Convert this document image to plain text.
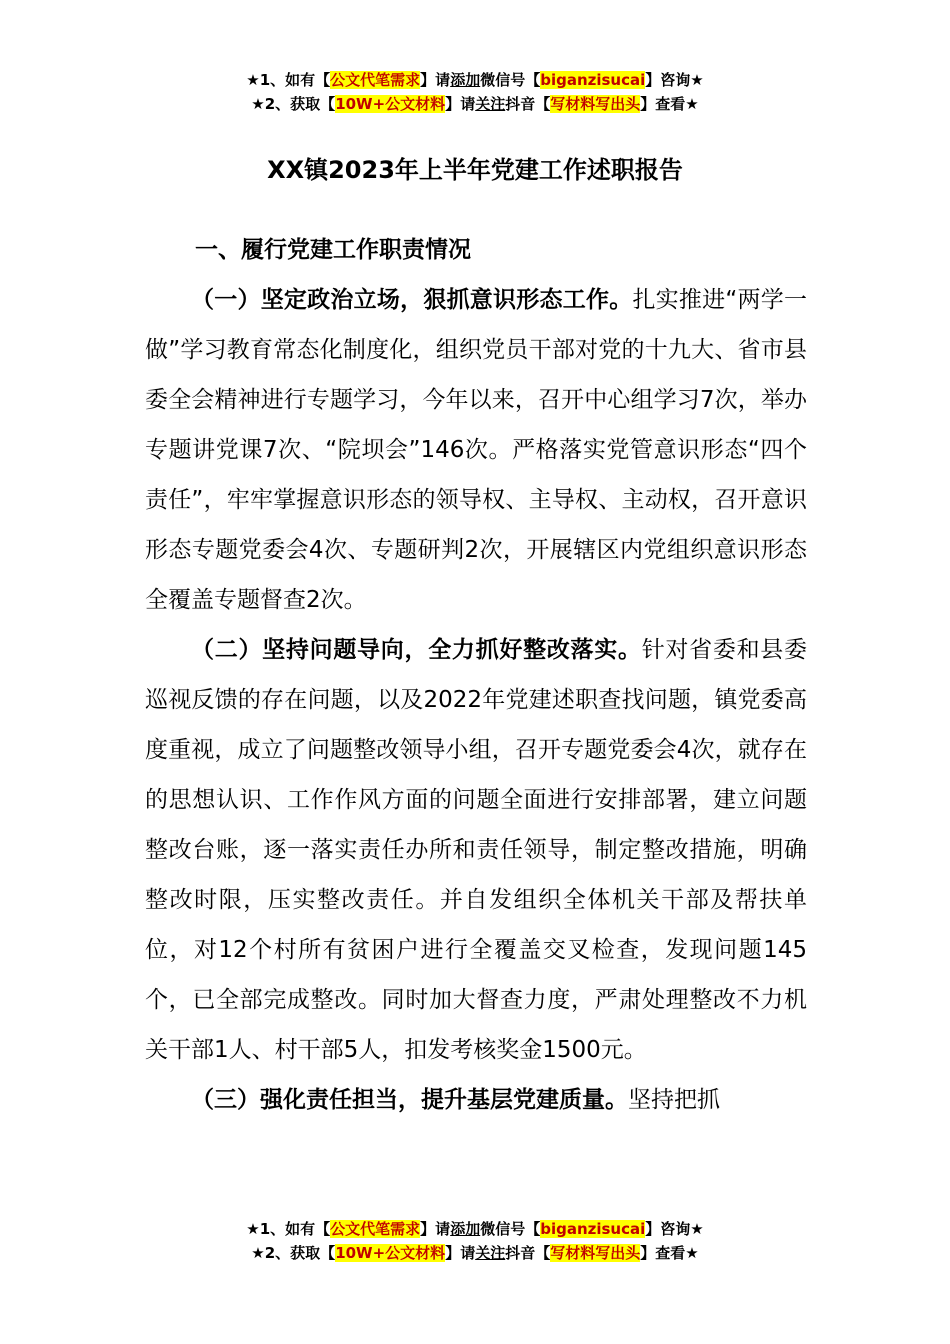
★1、如有【公文代笔需求】请添加微信号【biganzisucai】咨询★
★2、获取【10W+公文材料】请关注抖音【写材料写出头】查看★
XX镇2023年上半年党建工作述职报告
一、履行党建工作职责情况

（一）坚定政治立场，狠抓意识形态工作。扎实推进“两学一做”学习教育常态化制度化，组织党员干部对党的十九大、省市县委全会精神进行专题学习，今年以来，召开中心组学习7次，举办专题讲党课7次、“院坝会”146次。严格落实党管意识形态“四个责任”，牢牢掌握意识形态的领导权、主导权、主动权，召开意识形态专题党委会4次、专题研判2次，开展辖区内党组织意识形态全覆盖专题督查2次。

（二）坚持问题导向，全力抓好整改落实。针对省委和县委巡视反馈的存在问题，以及2022年党建述职查找问题，镇党委高度重视，成立了问题整改领导小组，召开专题党委会4次，就存在的思想认识、工作作风方面的问题全面进行安排部署，建立问题整改台账，逐一落实责任办所和责任领导，制定整改措施，明确整改时限，压实整改责任。并自发组织全体机关干部及帮扶单位，对12个村所有贫困户进行全覆盖交叉检查，发现问题145个，已全部完成整改。同时加大督查力度，严肃处理整改不力机关干部1人、村干部5人，扣发考核奖金1500元。

（三）强化责任担当，提升基层党建质量。坚持把抓

★1、如有【公文代笔需求】请添加微信号【biganzisucai】咨询★
★2、获取【10W+公文材料】请关注抖音【写材料写出头】查看★
